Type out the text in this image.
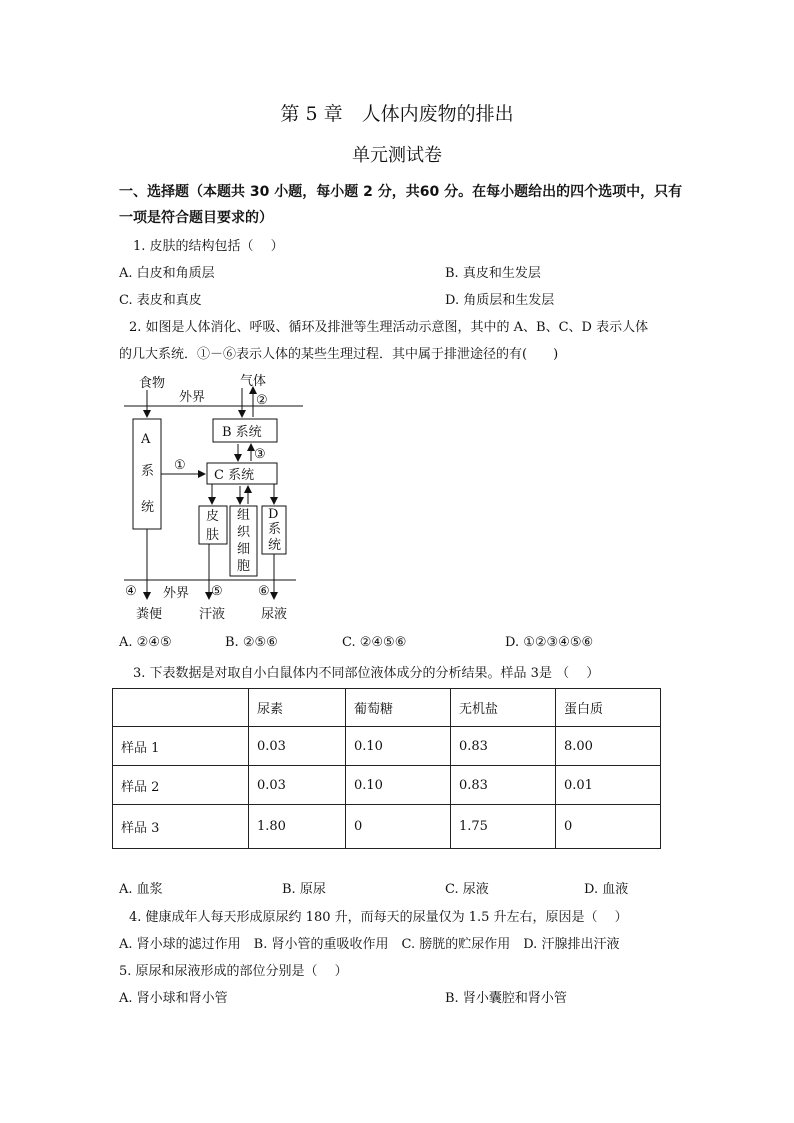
第 5 章　人体内废物的排出
单元测试卷
一、选择题（本题共 30 小题，每小题 2 分，共60 分。在每小题给出的四个选项中，只有
一项是符合题目要求的）
1. 皮肤的结构包括（　 ）
A. 白皮和角质层	B. 真皮和生发层
C. 表皮和真皮	D. 角质层和生发层
2. 如图是人体消化、呼吸、循环及排泄等生理活动示意图，其中的 A、B、C、D 表示人体
的几大系统．①－⑥表示人体的某些生理过程．其中属于排泄途径的有(　　)
食物	气体
外界	②
B 系统
③
①
C 系统
A
系
统
皮
肤
组
织
细
胞
D
系
统
④ 外界 ⑤	⑥
粪便	汗液	尿液
A. ②④⑤	B. ②⑤⑥	C. ②④⑤⑥	D. ①②③④⑤⑥
3. 下表数据是对取自小白鼠体内不同部位液体成分的分析结果。样品 3是 （　 ）
	尿素	葡萄糖	无机盐	蛋白质
样品 1	0.03	0.10	0.83	8.00
样品 2	0.03	0.10	0.83	0.01
样品 3	1.80	0	1.75	0
A. 血浆	B. 原尿	C. 尿液	D. 血液
4. 健康成年人每天形成原尿约 180 升，而每天的尿量仅为 1.5 升左右，原因是（　 ）
A. 肾小球的滤过作用　B. 肾小管的重吸收作用　C. 膀胱的贮尿作用　D. 汗腺排出汗液
5. 原尿和尿液形成的部位分别是（　 ）
A. 肾小球和肾小管	B. 肾小囊腔和肾小管
